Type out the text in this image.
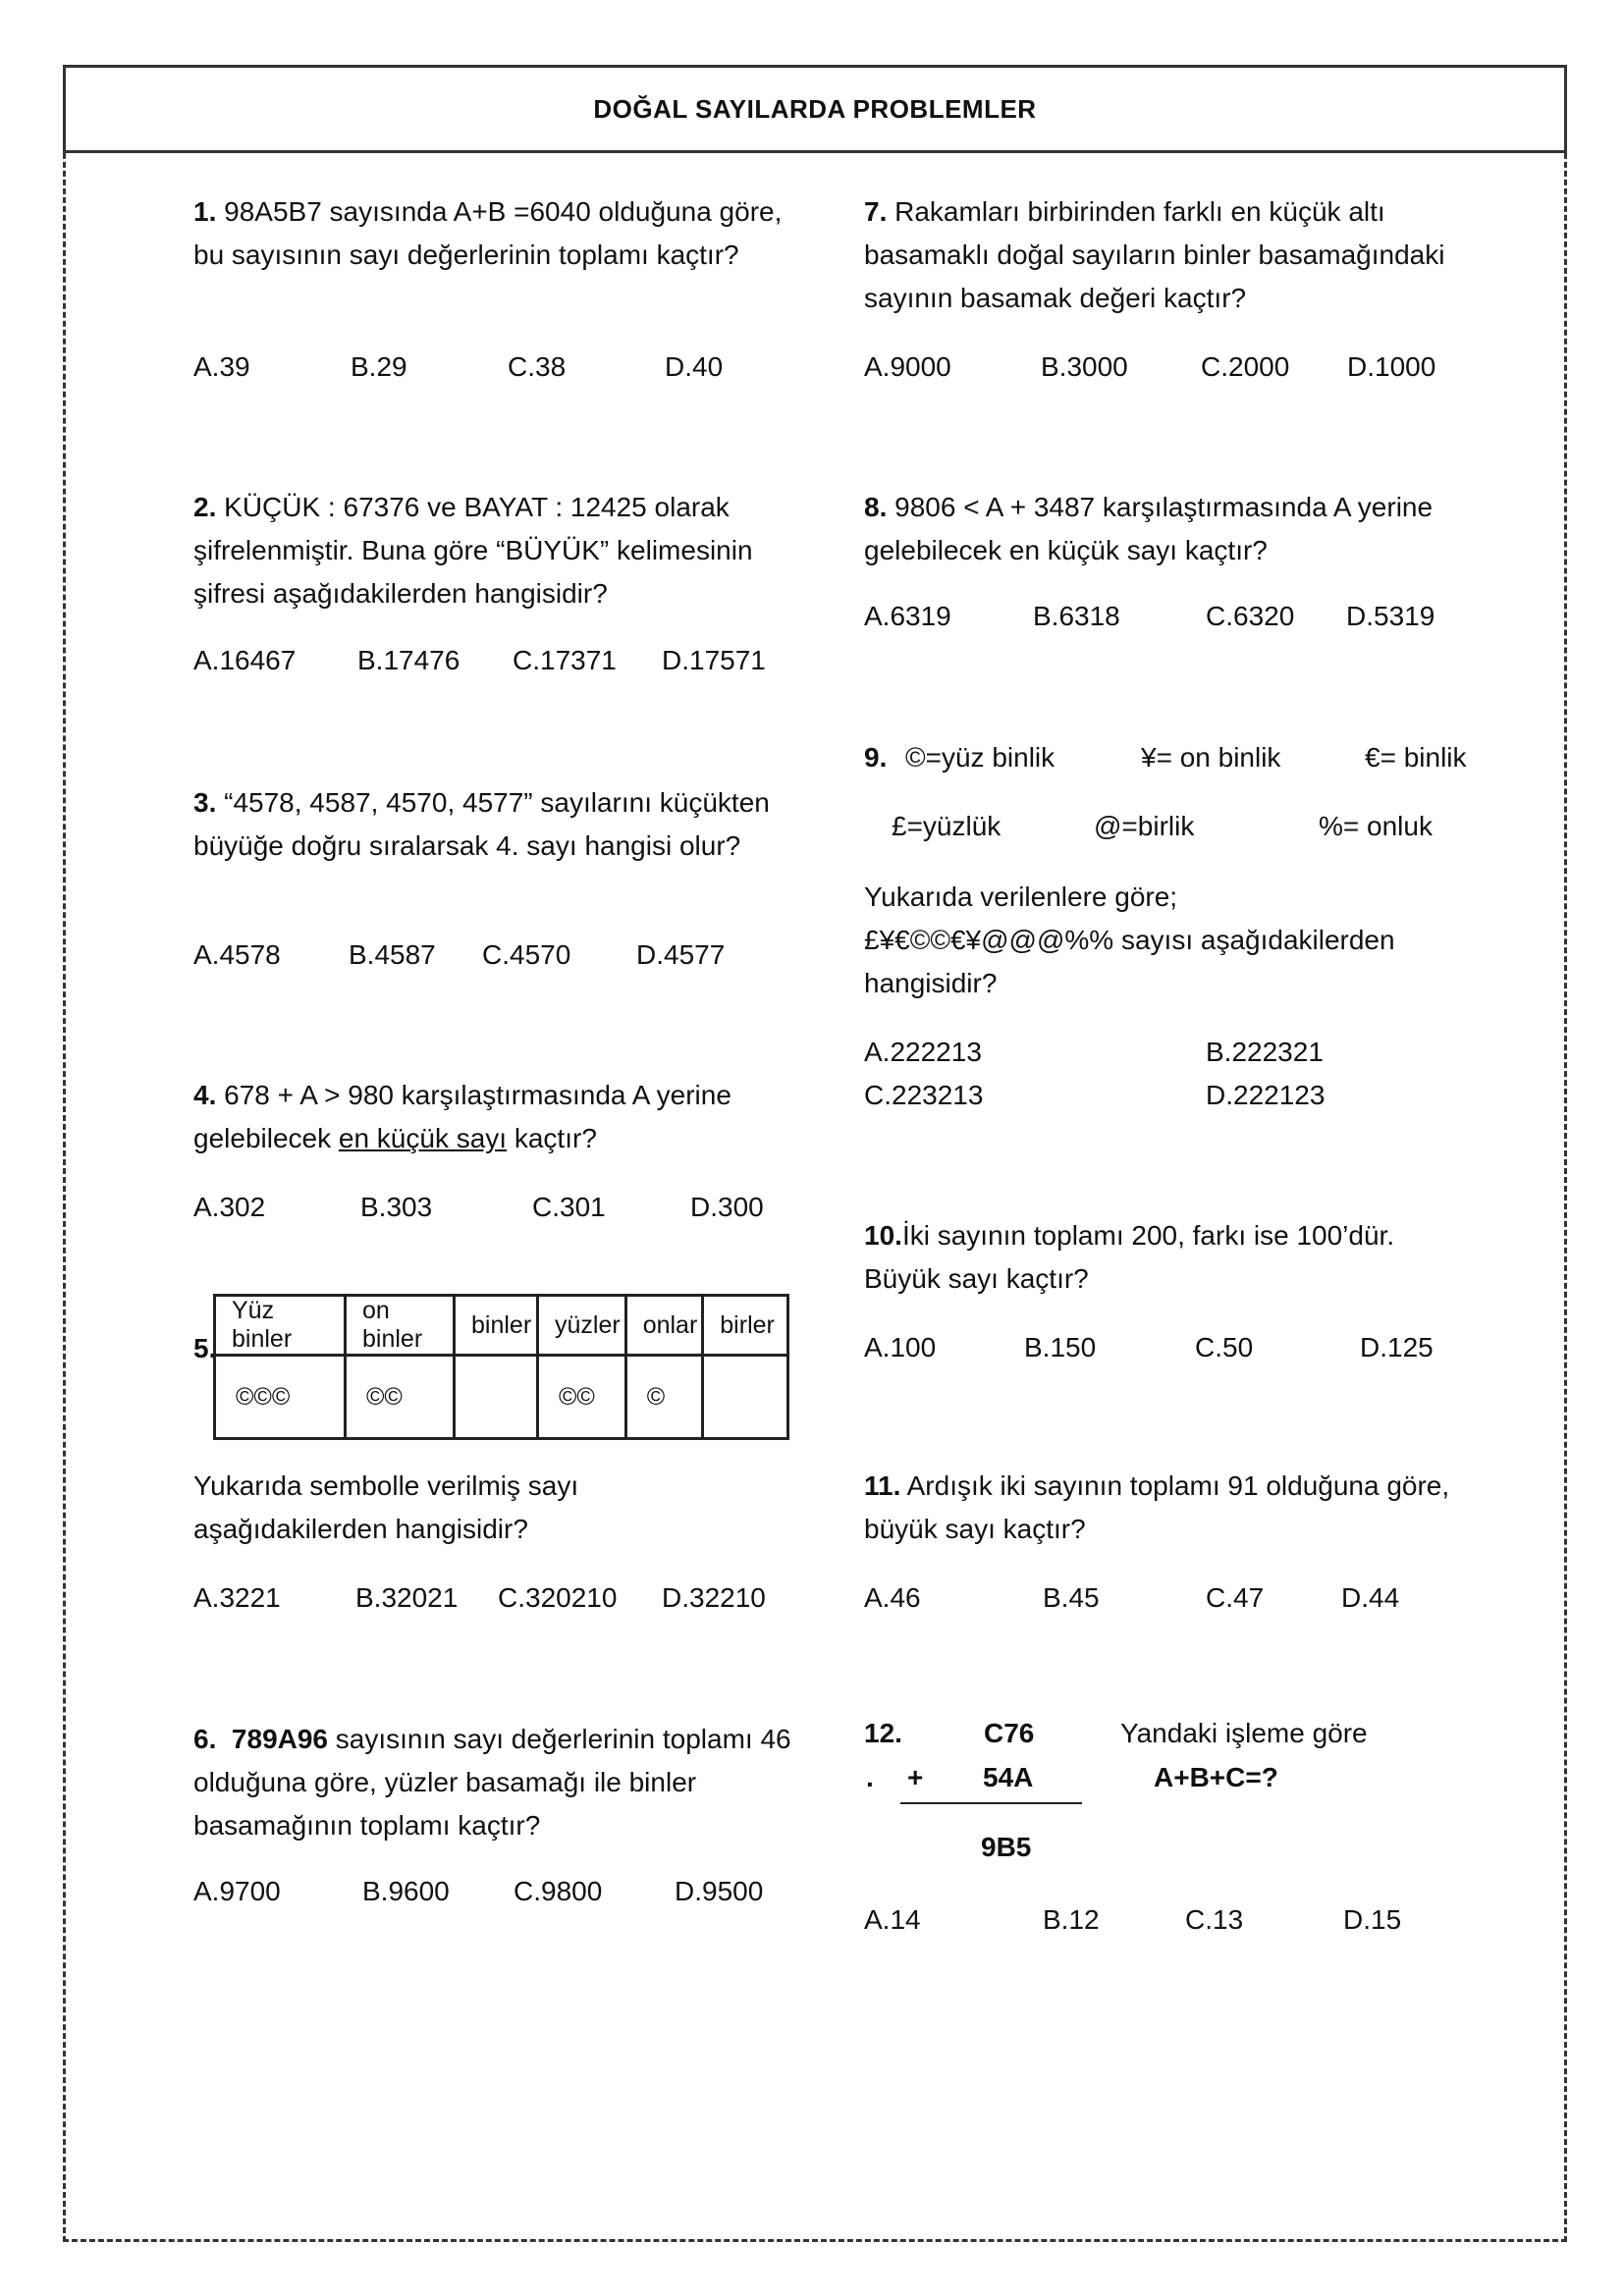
DOĞAL SAYILARDA PROBLEMLER
1. 98A5B7 sayısında A+B =6040 olduğuna göre, bu sayısının sayı değerlerinin toplamı kaçtır?
A.39	B.29	C.38	D.40
2. KÜÇÜK : 67376 ve BAYAT : 12425 olarak şifrelenmiştir. Buna göre “BÜYÜK” kelimesinin şifresi aşağıdakilerden hangisidir?
A.16467	B.17476	C.17371	D.17571
3. “4578, 4587, 4570, 4577” sayılarını küçükten büyüğe doğru sıralarsak 4. sayı hangisi olur?
A.4578	B.4587	C.4570	D.4577
4. 678 + A > 980 karşılaştırmasında A yerine gelebilecek en küçük sayı kaçtır?
A.302	B.303	C.301	D.300
5.
Yüz binler	on binler	binler	yüzler	onlar	birler
©©©	©©		©©	©	
Yukarıda sembolle verilmiş sayı aşağıdakilerden hangisidir?
A.3221	B.32021	C.320210	D.32210
6. 789A96 sayısının sayı değerlerinin toplamı 46 olduğuna göre, yüzler basamağı ile binler basamağının toplamı kaçtır?
A.9700	B.9600	C.9800	D.9500
7. Rakamları birbirinden farklı en küçük altı basamaklı doğal sayıların binler basamağındaki sayının basamak değeri kaçtır?
A.9000	B.3000	C.2000	D.1000
8. 9806 < A + 3487 karşılaştırmasında A yerine gelebilecek en küçük sayı kaçtır?
A.6319	B.6318	C.6320	D.5319
9. ©=yüz binlik	¥= on binlik	€= binlik
£=yüzlük	@=birlik	%= onluk
Yukarıda verilenlere göre;
£¥€©©€¥@@@%% sayısı aşağıdakilerden hangisidir?
A.222213	B.222321
C.223213	D.222123
10.İki sayının toplamı 200, farkı ise 100’dür. Büyük sayı kaçtır?
A.100	B.150	C.50	D.125
11. Ardışık iki sayının toplamı 91 olduğuna göre, büyük sayı kaçtır?
A.46	B.45	C.47	D.44
12.	C76	Yandaki işleme göre
.	+	54A	A+B+C=?
9B5
A.14	B.12	C.13	D.15
